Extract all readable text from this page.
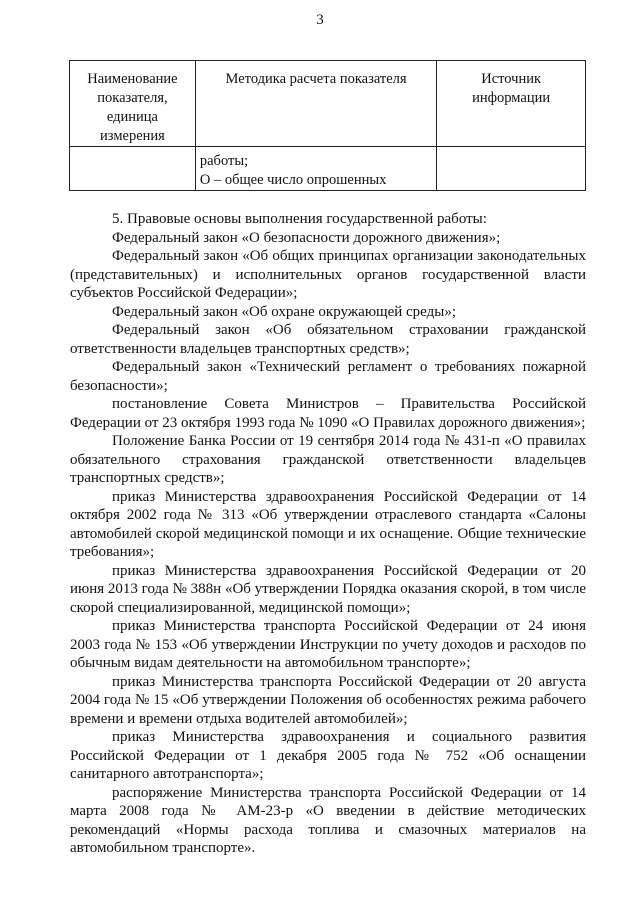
3
Наименование показателя, единица измерения	Методика расчета показателя	Источник информации

	работы;
О – общее число опрошенных	

5. Правовые основы выполнения государственной работы:

Федеральный закон «О безопасности дорожного движения»;

Федеральный закон «Об общих принципах организации законодательных (представительных) и исполнительных органов государственной власти субъектов Российской Федерации»;

Федеральный закон «Об охране окружающей среды»;

Федеральный закон «Об обязательном страховании гражданской ответственности владельцев транспортных средств»;

Федеральный закон «Технический регламент о требованиях пожарной безопасности»;

постановление Совета Министров – Правительства Российской Федерации от 23 октября 1993 года № 1090 «О Правилах дорожного движения»;

Положение Банка России от 19 сентября 2014 года № 431-п «О правилах обязательного страхования гражданской ответственности владельцев транспортных средств»;

приказ Министерства здравоохранения Российской Федерации от 14 октября 2002 года № 313 «Об утверждении отраслевого стандарта «Салоны автомобилей скорой медицинской помощи и их оснащение. Общие технические требования»;

приказ Министерства здравоохранения Российской Федерации от 20 июня 2013 года № 388н «Об утверждении Порядка оказания скорой, в том числе скорой специализированной, медицинской помощи»;

приказ Министерства транспорта Российской Федерации от 24 июня 2003 года № 153 «Об утверждении Инструкции по учету доходов и расходов по обычным видам деятельности на автомобильном транспорте»;

приказ Министерства транспорта Российской Федерации от 20 августа 2004 года № 15 «Об утверждении Положения об особенностях режима рабочего времени и времени отдыха водителей автомобилей»;

приказ Министерства здравоохранения и социального развития Российской Федерации от 1 декабря 2005 года № 752 «Об оснащении санитарного автотранспорта»;

распоряжение Министерства транспорта Российской Федерации от 14 марта 2008 года № АМ-23-р «О введении в действие методических рекомендаций «Нормы расхода топлива и смазочных материалов на автомобильном транспорте».
